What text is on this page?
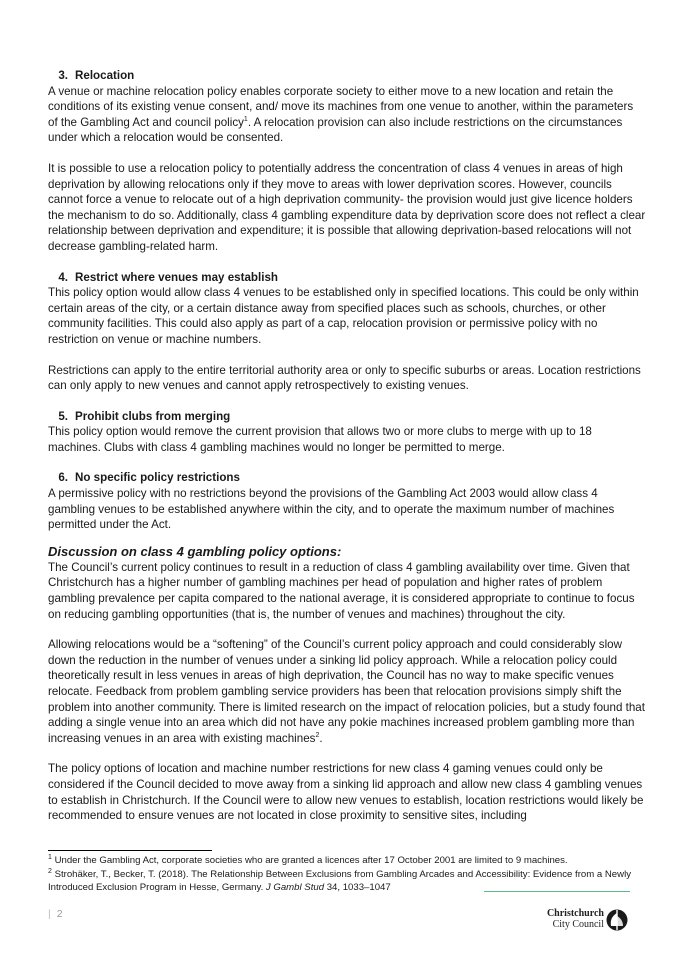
3. Relocation

A venue or machine relocation policy enables corporate society to either move to a new location and retain the conditions of its existing venue consent, and/ move its machines from one venue to another, within the parameters of the Gambling Act and council policy$^1$. A relocation provision can also include restrictions on the circumstances under which a relocation would be consented.

It is possible to use a relocation policy to potentially address the concentration of class 4 venues in areas of high deprivation by allowing relocations only if they move to areas with lower deprivation scores. However, councils cannot force a venue to relocate out of a high deprivation community- the provision would just give licence holders the mechanism to do so. Additionally, class 4 gambling expenditure data by deprivation score does not reflect a clear relationship between deprivation and expenditure; it is possible that allowing deprivation-based relocations will not decrease gambling-related harm.

4. Restrict where venues may establish

This policy option would allow class 4 venues to be established only in specified locations. This could be only within certain areas of the city, or a certain distance away from specified places such as schools, churches, or other community facilities. This could also apply as part of a cap, relocation provision or permissive policy with no restriction on venue or machine numbers.

Restrictions can apply to the entire territorial authority area or only to specific suburbs or areas. Location restrictions can only apply to new venues and cannot apply retrospectively to existing venues.

5. Prohibit clubs from merging

This policy option would remove the current provision that allows two or more clubs to merge with up to 18 machines. Clubs with class 4 gambling machines would no longer be permitted to merge.

6. No specific policy restrictions

A permissive policy with no restrictions beyond the provisions of the Gambling Act 2003 would allow class 4 gambling venues to be established anywhere within the city, and to operate the maximum number of machines permitted under the Act.

Discussion on class 4 gambling policy options:

The Council’s current policy continues to result in a reduction of class 4 gambling availability over time. Given that Christchurch has a higher number of gambling machines per head of population and higher rates of problem gambling prevalence per capita compared to the national average, it is considered appropriate to continue to focus on reducing gambling opportunities (that is, the number of venues and machines) throughout the city.

Allowing relocations would be a “softening” of the Council’s current policy approach and could considerably slow down the reduction in the number of venues under a sinking lid policy approach. While a relocation policy could theoretically result in less venues in areas of high deprivation, the Council has no way to make specific venues relocate. Feedback from problem gambling service providers has been that relocation provisions simply shift the problem into another community. There is limited research on the impact of relocation policies, but a study found that adding a single venue into an area which did not have any pokie machines increased problem gambling more than increasing venues in an area with existing machines$^2$.

The policy options of location and machine number restrictions for new class 4 gaming venues could only be considered if the Council decided to move away from a sinking lid approach and allow new class 4 gambling venues to establish in Christchurch. If the Council were to allow new venues to establish, location restrictions would likely be recommended to ensure venues are not located in close proximity to sensitive sites, including

$^1$ Under the Gambling Act, corporate societies who are granted a licences after 17 October 2001 are limited to 9 machines.

$^2$ Strohäker, T., Becker, T. (2018). The Relationship Between Exclusions from Gambling Arcades and Accessibility: Evidence from a Newly Introduced Exclusion Program in Hesse, Germany. J Gambl Stud 34, 1033–1047

| 2	Christchurch
City Council
